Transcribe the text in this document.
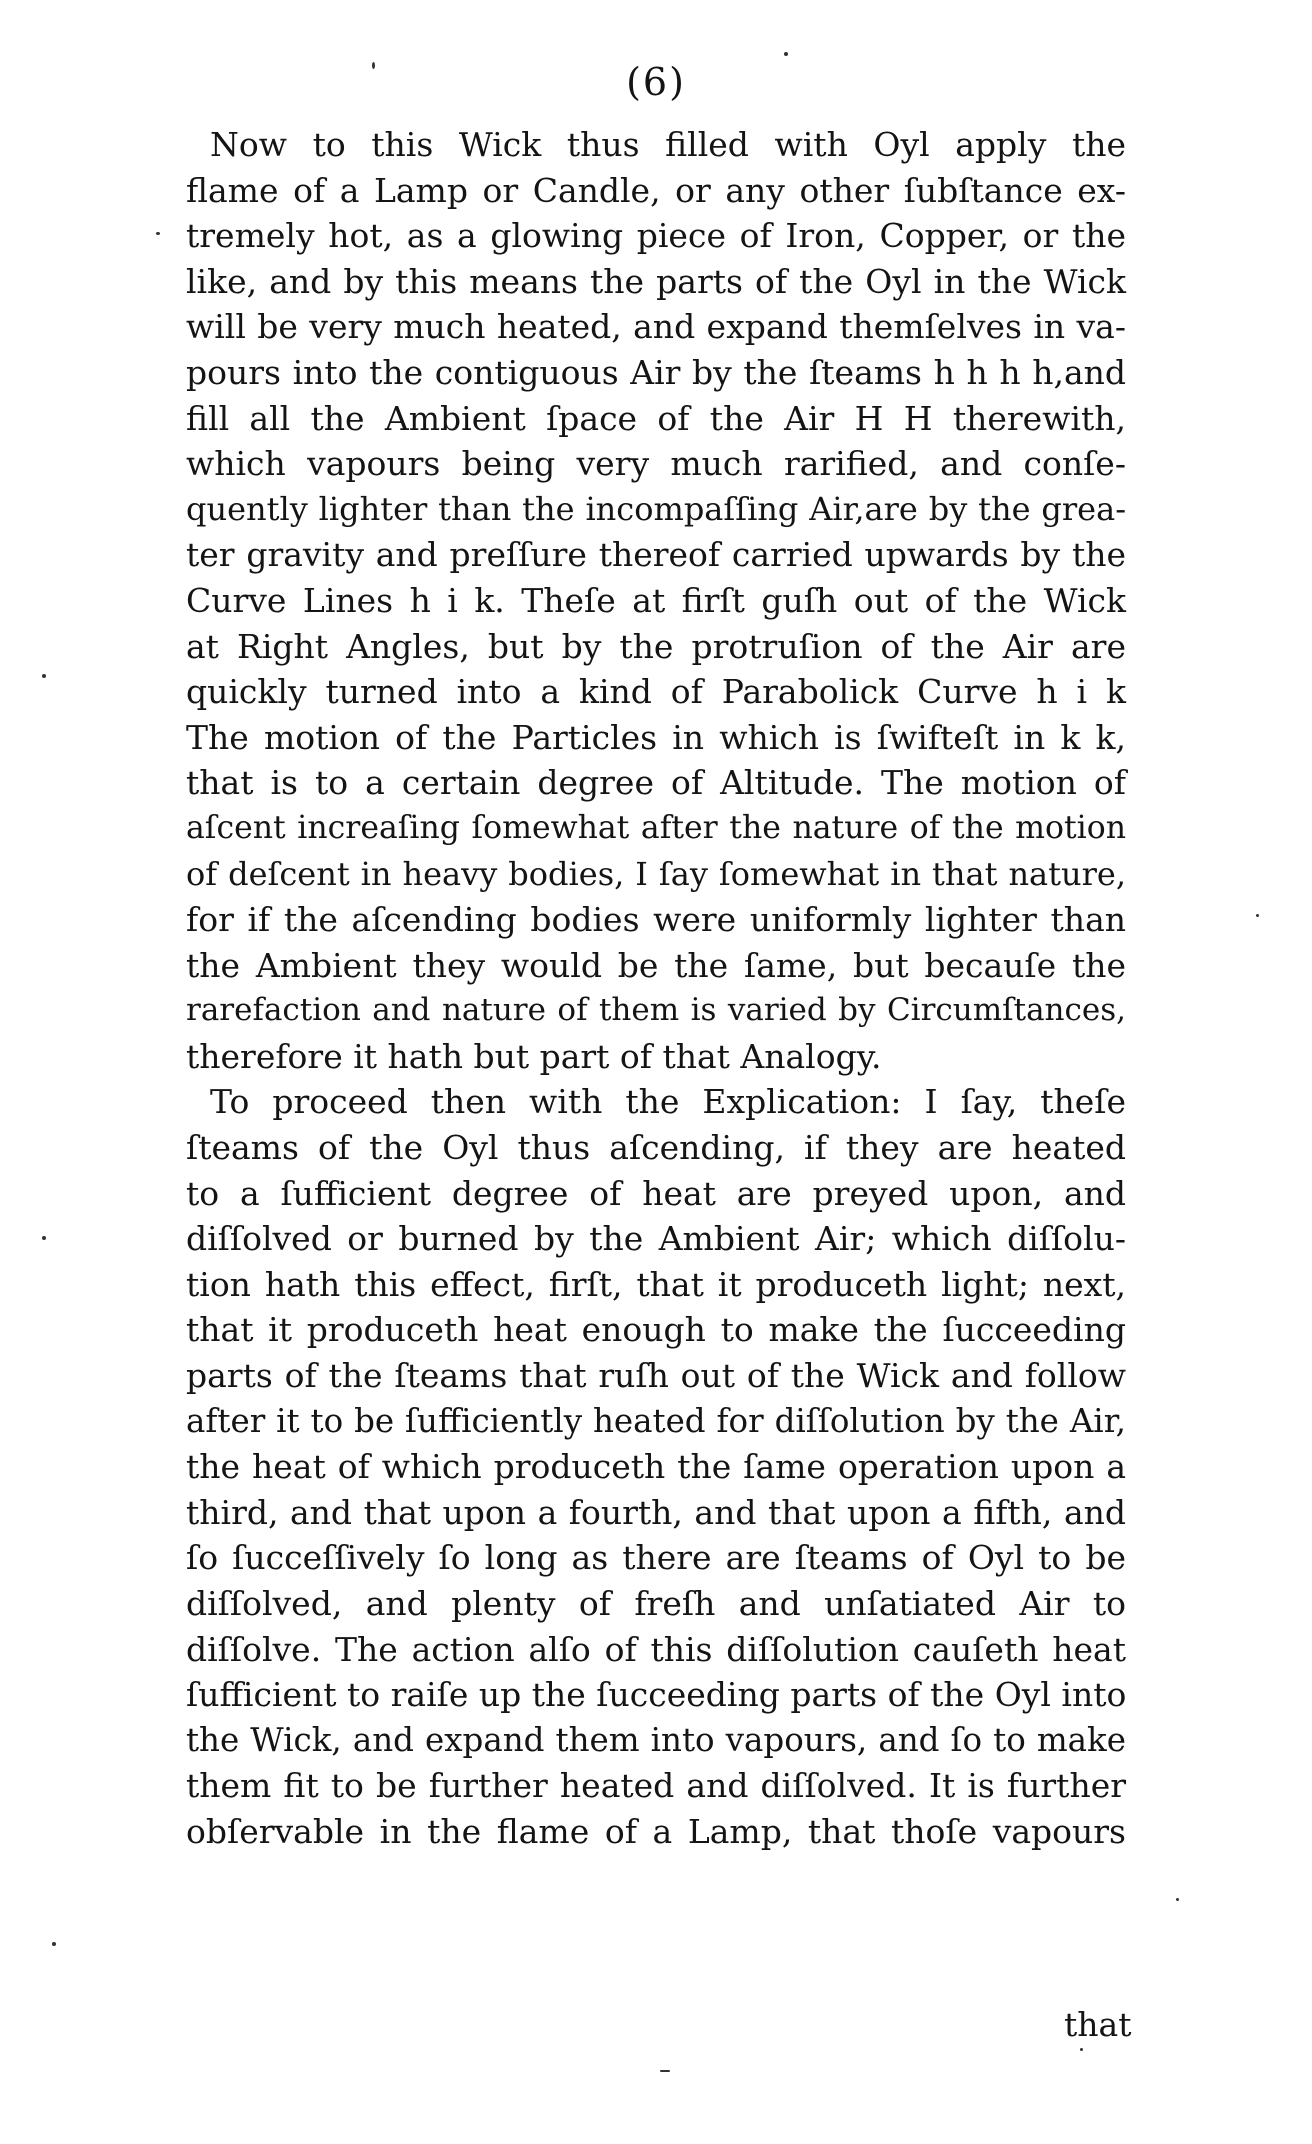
(6)
Now to this Wick thus filled with Oyl apply the
flame of a Lamp or Candle, or any other ſubſtance ex-
tremely hot, as a glowing piece of Iron, Copper, or the
like, and by this means the parts of the Oyl in the Wick
will be very much heated, and expand themſelves in va-
pours into the contiguous Air by the ſteams h h h h,and
fill all the Ambient ſpace of the Air H H therewith,
which vapours being very much rarified, and conſe-
quently lighter than the incompaſſing Air,are by the grea-
ter gravity and preſſure thereof carried upwards by the
Curve Lines h i k. Theſe at firſt guſh out of the Wick
at Right Angles, but by the protruſion of the Air are
quickly turned into a kind of Parabolick Curve h i k
The motion of the Particles in which is ſwifteſt in k k,
that is to a certain degree of Altitude. The motion of
aſcent increaſing ſomewhat after the nature of the motion
of deſcent in heavy bodies, I ſay ſomewhat in that nature,
for if the aſcending bodies were uniformly lighter than
the Ambient they would be the ſame, but becauſe the
rarefaction and nature of them is varied by Circumſtances,
therefore it hath but part of that Analogy.
To proceed then with the Explication: I ſay, theſe
ſteams of the Oyl thus aſcending, if they are heated
to a ſufficient degree of heat are preyed upon, and
diſſolved or burned by the Ambient Air; which diſſolu-
tion hath this effect, firſt, that it produceth light; next,
that it produceth heat enough to make the ſucceeding
parts of the ſteams that ruſh out of the Wick and follow
after it to be ſufficiently heated for diſſolution by the Air,
the heat of which produceth the ſame operation upon a
third, and that upon a fourth, and that upon a fifth, and
ſo ſucceſſively ſo long as there are ſteams of Oyl to be
diſſolved, and plenty of freſh and unſatiated Air to
diſſolve. The action alſo of this diſſolution cauſeth heat
ſufficient to raiſe up the ſucceeding parts of the Oyl into
the Wick, and expand them into vapours, and ſo to make
them fit to be further heated and diſſolved. It is further
obſervable in the flame of a Lamp, that thoſe vapours
that
